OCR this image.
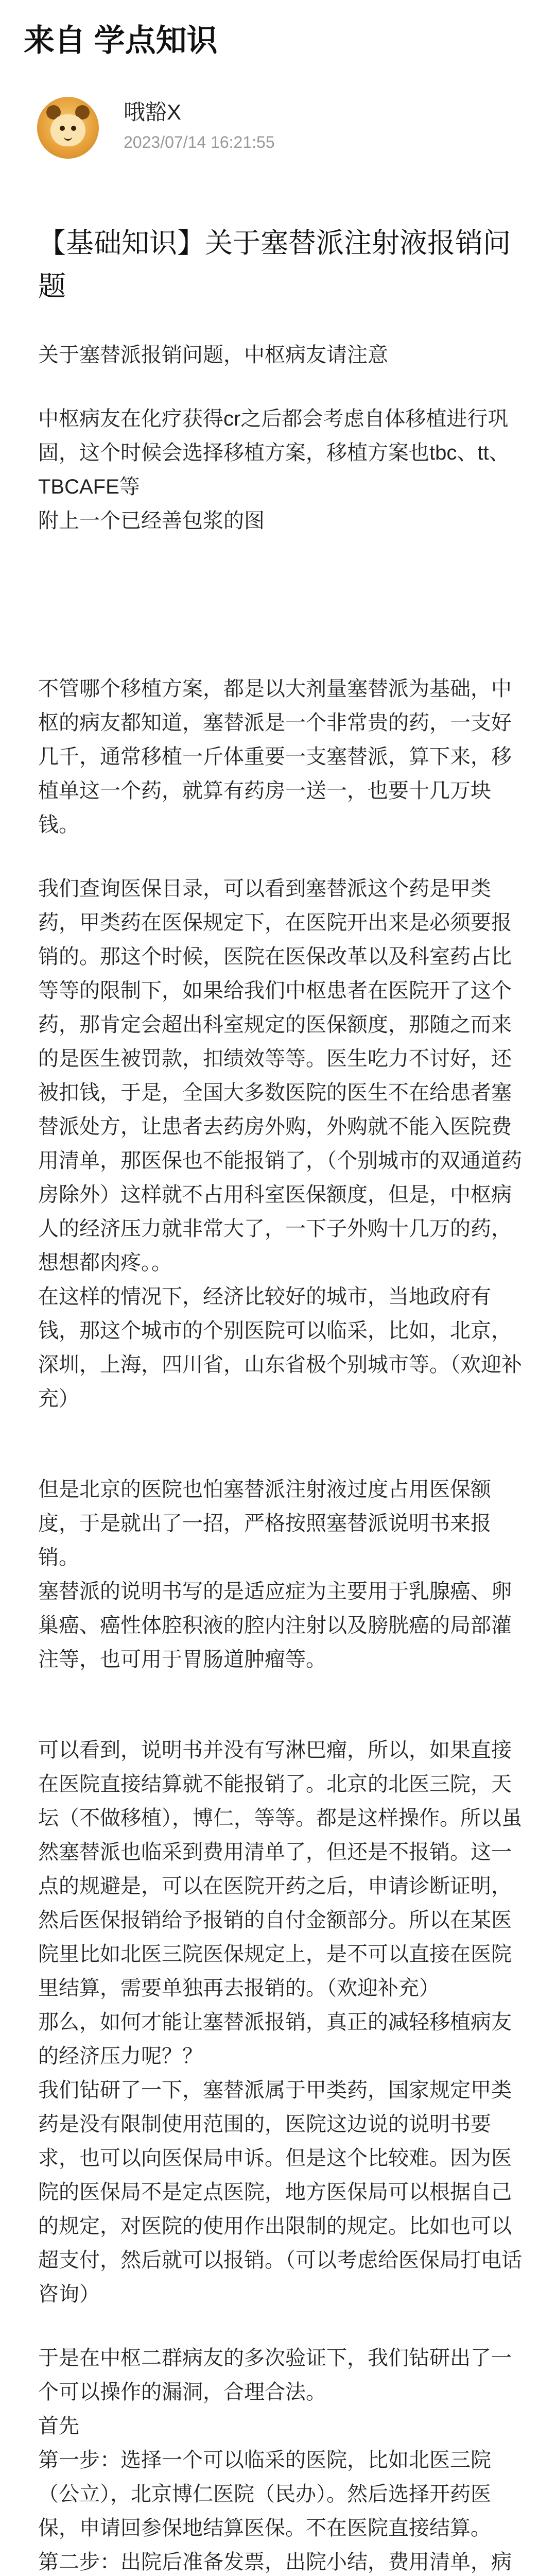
来自 学点知识
哦豁X
2023/07/14 16:21:55
【基础知识】关于塞替派注射液报销问题

关于塞替派报销问题，中枢病友请注意

中枢病友在化疗获得cr之后都会考虑自体移植进行巩固，这个时候会选择移植方案，移植方案也tbc、tt、TBCAFE等
附上一个已经善包浆的图

不管哪个移植方案，都是以大剂量塞替派为基础，中枢的病友都知道，塞替派是一个非常贵的药，一支好几千，通常移植一斤体重要一支塞替派，算下来，移植单这一个药，就算有药房一送一，也要十几万块钱。

我们查询医保目录，可以看到塞替派这个药是甲类药，甲类药在医保规定下，在医院开出来是必须要报销的。那这个时候，医院在医保改革以及科室药占比等等的限制下，如果给我们中枢患者在医院开了这个药，那肯定会超出科室规定的医保额度，那随之而来的是医生被罚款，扣绩效等等。医生吃力不讨好，还被扣钱，于是，全国大多数医院的医生不在给患者塞替派处方，让患者去药房外购，外购就不能入医院费用清单，那医保也不能报销了，（个别城市的双通道药房除外）这样就不占用科室医保额度，但是，中枢病人的经济压力就非常大了，一下子外购十几万的药，想想都肉疼。。
在这样的情况下，经济比较好的城市，当地政府有钱，那这个城市的个别医院可以临采，比如，北京，深圳，上海，四川省，山东省极个别城市等。（欢迎补充）

但是北京的医院也怕塞替派注射液过度占用医保额度，于是就出了一招，严格按照塞替派说明书来报销。
塞替派的说明书写的是适应症为主要用于乳腺癌、卵巢癌、癌性体腔积液的腔内注射以及膀胱癌的局部灌注等，也可用于胃肠道肿瘤等。

可以看到，说明书并没有写淋巴瘤，所以，如果直接在医院直接结算就不能报销了。北京的北医三院，天坛（不做移植），博仁，等等。都是这样操作。所以虽然塞替派也临采到费用清单了，但还是不报销。这一点的规避是，可以在医院开药之后，申请诊断证明，然后医保报销给予报销的自付金额部分。所以在某医院里比如北医三院医保规定上，是不可以直接在医院里结算，需要单独再去报销的。（欢迎补充）
那么，如何才能让塞替派报销，真正的减轻移植病友的经济压力呢？？
我们钻研了一下，塞替派属于甲类药，国家规定甲类药是没有限制使用范围的，医院这边说的说明书要求，也可以向医保局申诉。但是这个比较难。因为医院的医保局不是定点医院，地方医保局可以根据自己的规定，对医院的使用作出限制的规定。比如也可以超支付，然后就可以报销。（可以考虑给医保局打电话咨询）

于是在中枢二群病友的多次验证下，我们钻研出了一个可以操作的漏洞，合理合法。
首先
第一步：选择一个可以临采的医院，比如北医三院（公立），北京博仁医院（民办）。然后选择开药医保，申请回参保地结算医保。不在医院直接结算。
第二步：出院后准备发票，出院小结，费用清单，病
